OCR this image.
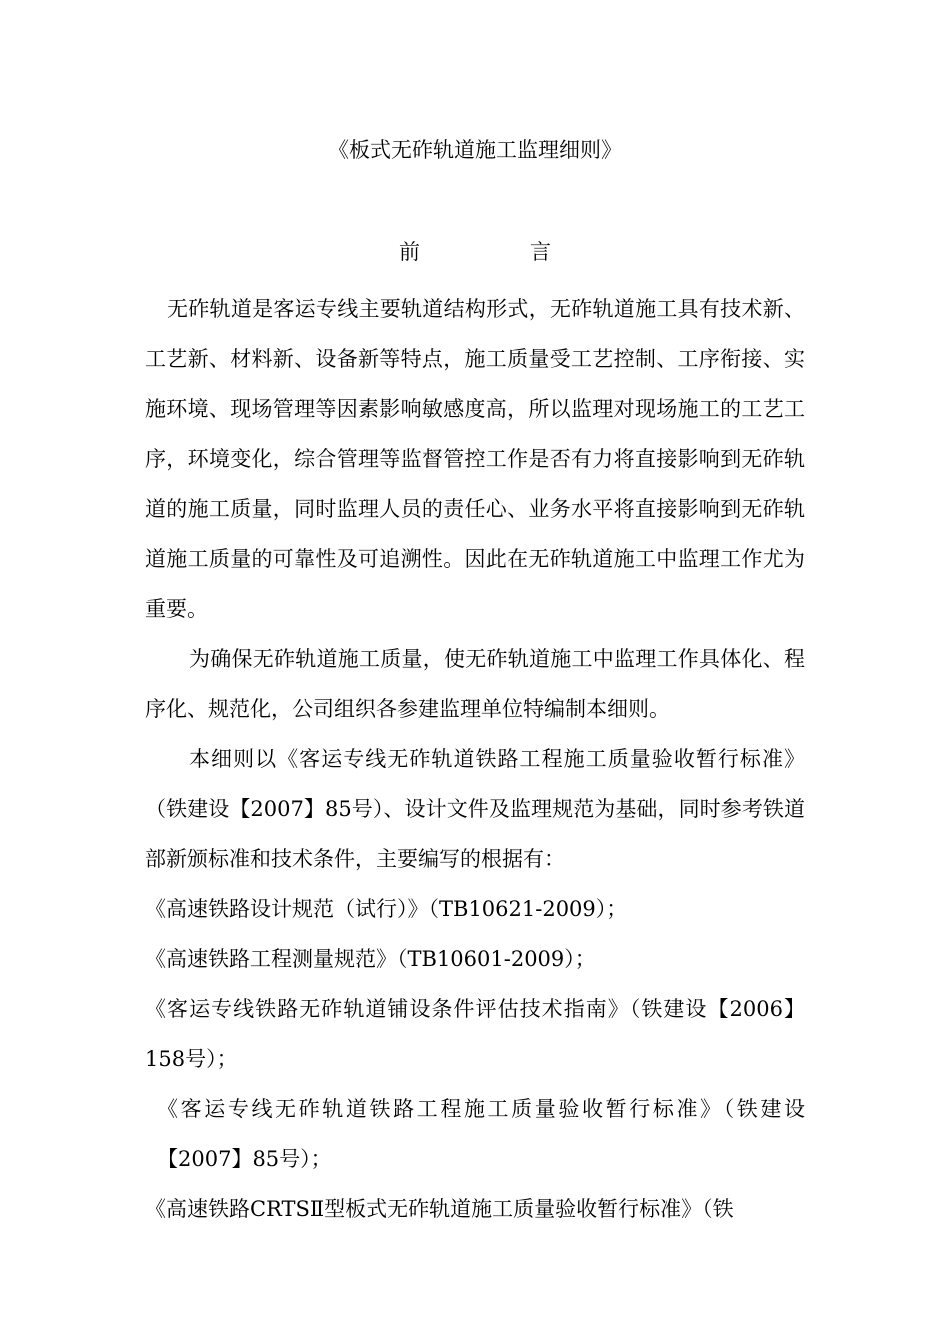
《板式无砟轨道施工监理细则》
前	言

无砟轨道是客运专线主要轨道结构形式，无砟轨道施工具有技术新、工艺新、材料新、设备新等特点，施工质量受工艺控制、工序衔接、实施环境、现场管理等因素影响敏感度高，所以监理对现场施工的工艺工序，环境变化，综合管理等监督管控工作是否有力将直接影响到无砟轨道的施工质量，同时监理人员的责任心、业务水平将直接影响到无砟轨道施工质量的可靠性及可追溯性。因此在无砟轨道施工中监理工作尤为重要。

为确保无砟轨道施工质量，使无砟轨道施工中监理工作具体化、程序化、规范化，公司组织各参建监理单位特编制本细则。

本细则以《客运专线无砟轨道铁路工程施工质量验收暂行标准》（铁建设【2007】85号）、设计文件及监理规范为基础，同时参考铁道部新颁标准和技术条件，主要编写的根据有：

《高速铁路设计规范（试行）》（TB10621-2009）；

《高速铁路工程测量规范》（TB10601-2009）；

《客运专线铁路无砟轨道铺设条件评估技术指南》（铁建设【2006】158号）；

《客运专线无砟轨道铁路工程施工质量验收暂行标准》（铁建设【2007】85号）；

《高速铁路CRTSⅡ型板式无砟轨道施工质量验收暂行标准》（铁
